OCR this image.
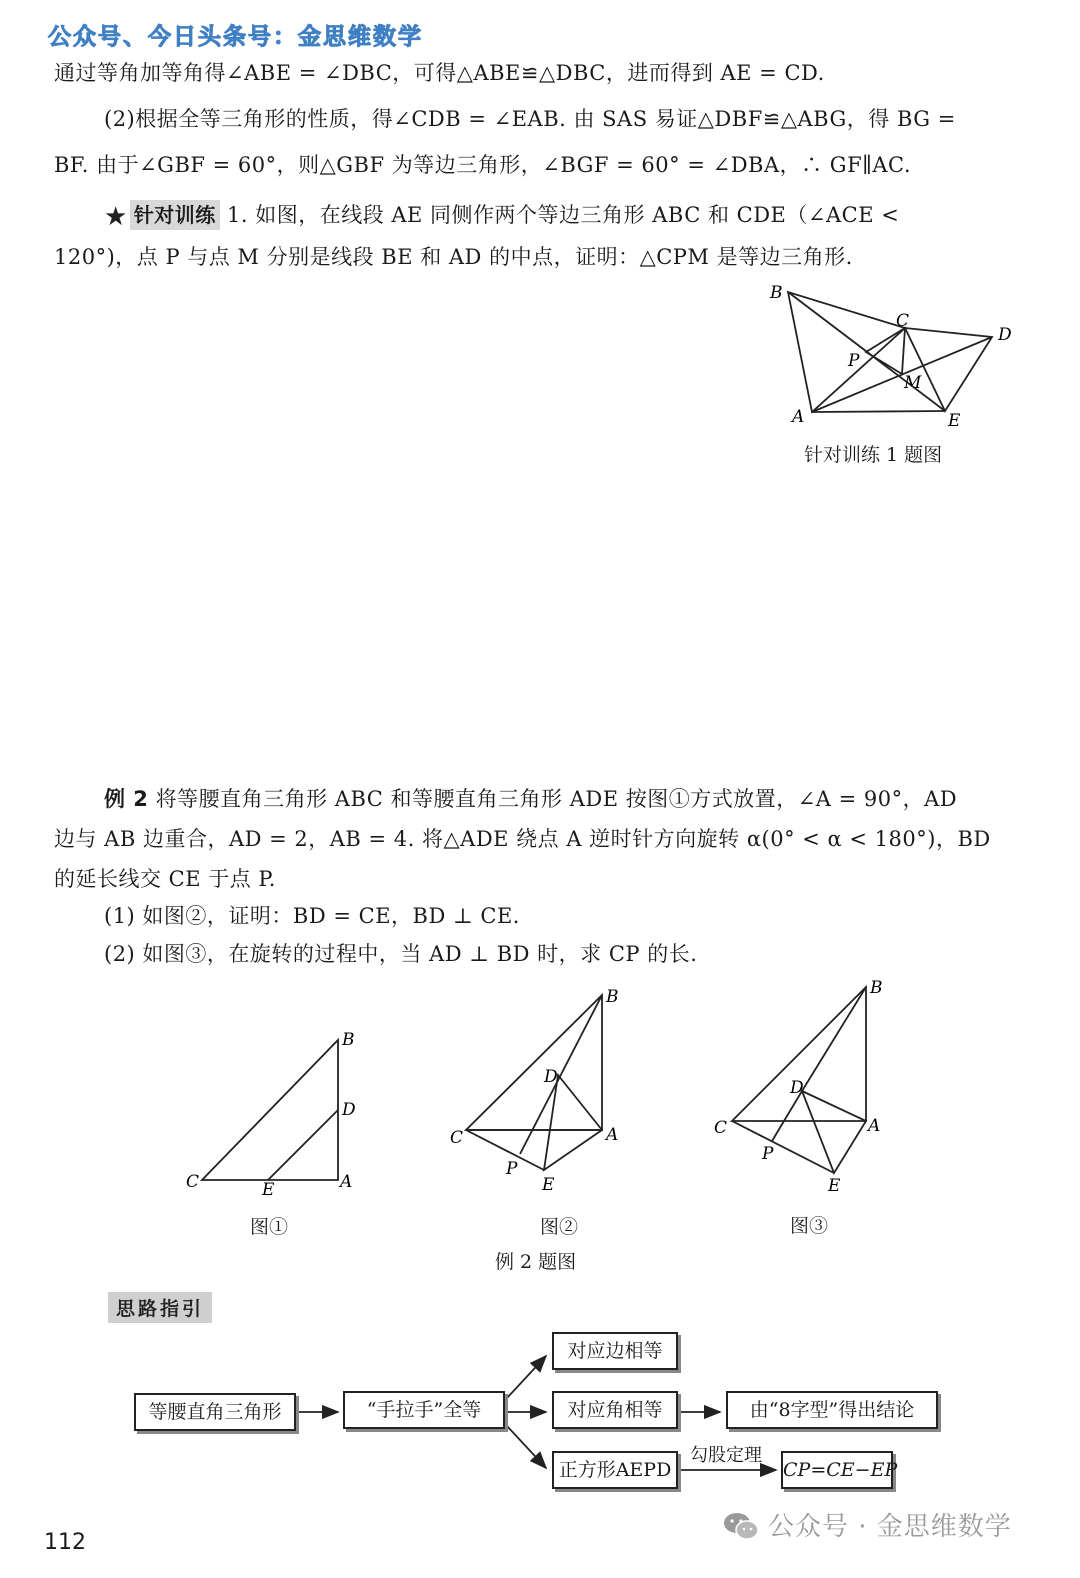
公众号、今日头条号：金思维数学
通过等角加等角得∠ABE = ∠DBC，可得△ABE≌△DBC，进而得到 AE = CD.
(2)根据全等三角形的性质，得∠CDB = ∠EAB. 由 SAS 易证△DBF≌△ABG，得 BG =
BF. 由于∠GBF = 60°，则△GBF 为等边三角形，∠BGF = 60° = ∠DBA，∴ GF∥AC.
★ 针对训练 1. 如图，在线段 AE 同侧作两个等边三角形 ABC 和 CDE（∠ACE <
120°)，点 P 与点 M 分别是线段 BE 和 AD 的中点，证明：△CPM 是等边三角形.
B
C
D
P
M
A	E
针对训练 1 题图
例 2 将等腰直角三角形 ABC 和等腰直角三角形 ADE 按图①方式放置，∠A = 90°，AD
边与 AB 边重合，AD = 2，AB = 4. 将△ADE 绕点 A 逆时针方向旋转 α(0° < α < 180°)，BD
的延长线交 CE 于点 P.
(1) 如图②，证明：BD = CE，BD ⊥ CE.
(2) 如图③，在旋转的过程中，当 AD ⊥ BD 时，求 CP 的长.
B
D
C	E	A
图①
B
D
C	A
P
E
图②
B
D
C	A
P
E
图③
例 2 题图
思路指引
勾股定理
等腰直角三角形	“手拉手”全等
对应边相等
对应角相等
正方形AEPD
由“8字型”得出结论
CP=CE−EP
112
公众号 · 金思维数学
